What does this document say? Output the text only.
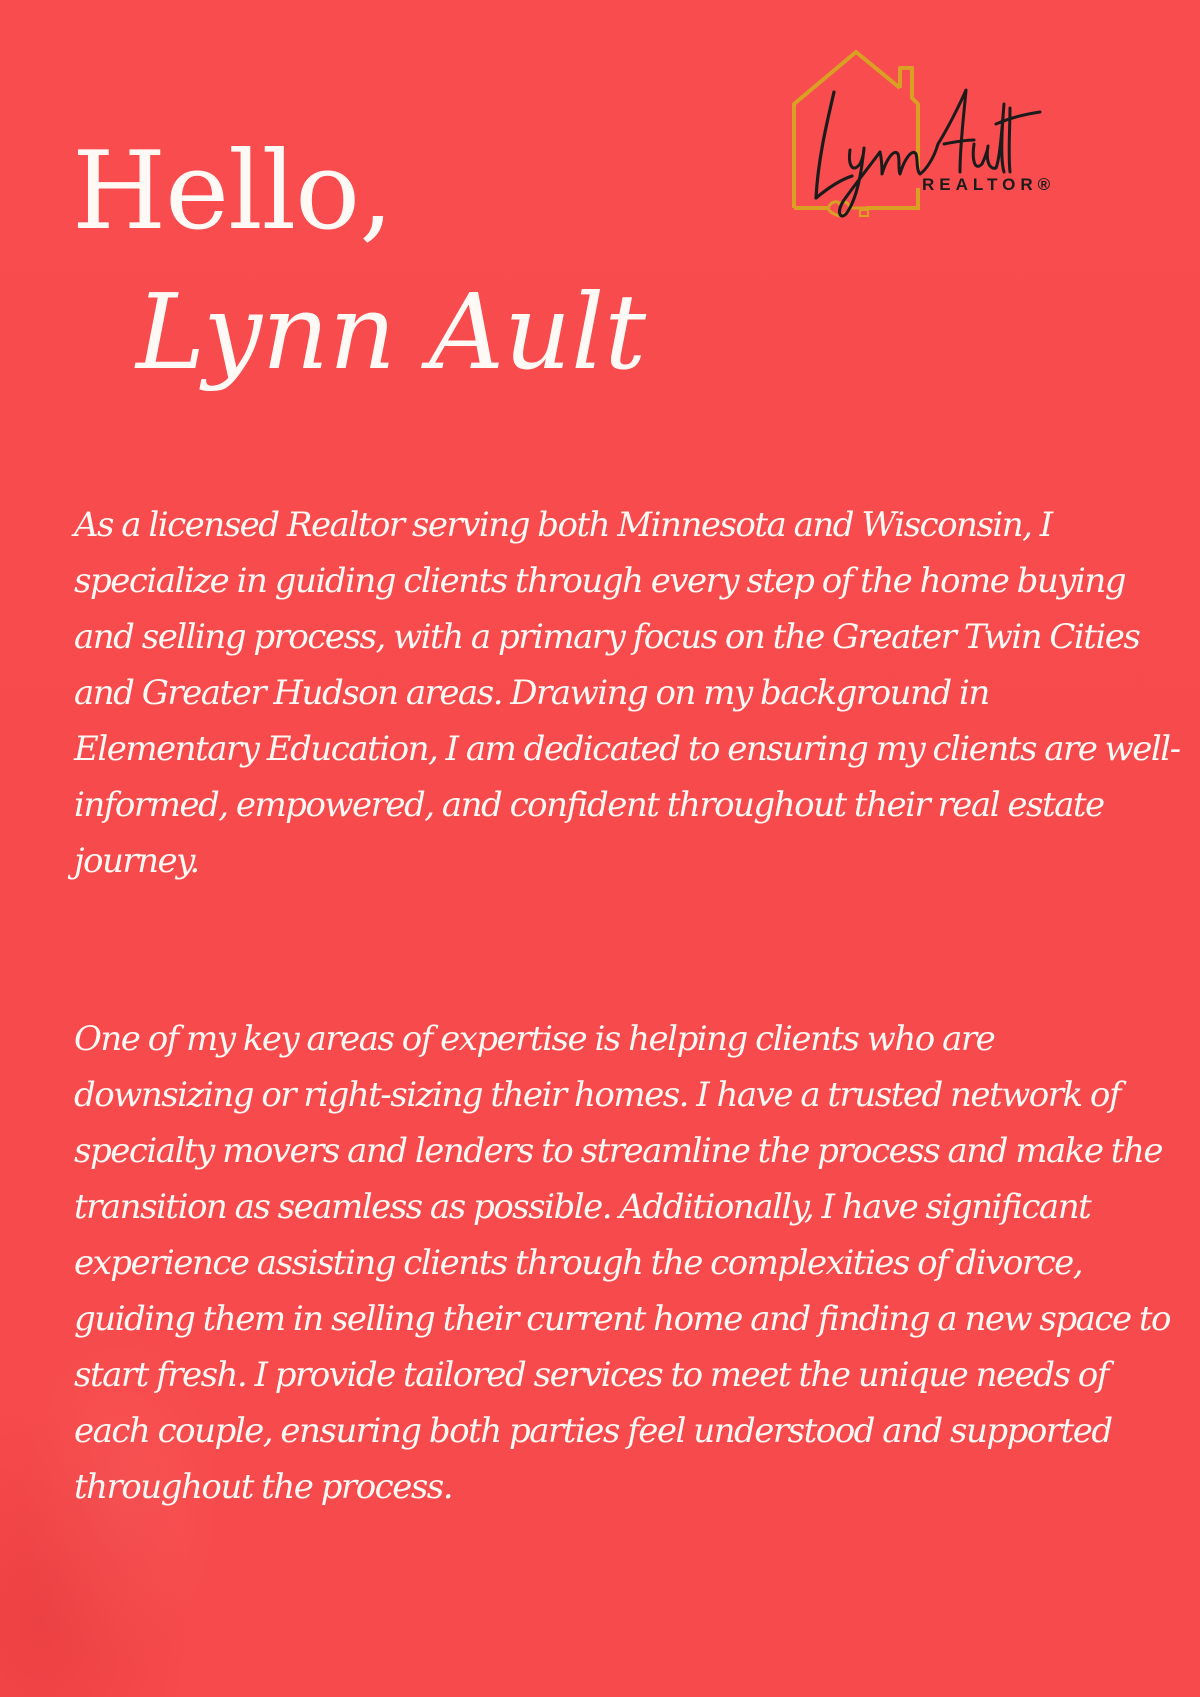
REALTOR®
Hello,
Lynn Ault

As a licensed Realtor serving both Minnesota and Wisconsin, I specialize in guiding clients through every step of the home buying and selling process, with a primary focus on the Greater Twin Cities and Greater Hudson areas. Drawing on my background in Elementary Education, I am dedicated to ensuring my clients are well-informed, empowered, and confident throughout their real estate journey.

One of my key areas of expertise is helping clients who are downsizing or right-sizing their homes. I have a trusted network of specialty movers and lenders to streamline the process and make the transition as seamless as possible. Additionally, I have significant experience assisting clients through the complexities of divorce, guiding them in selling their current home and finding a new space to start fresh. I provide tailored services to meet the unique needs of each couple, ensuring both parties feel understood and supported throughout the process.
